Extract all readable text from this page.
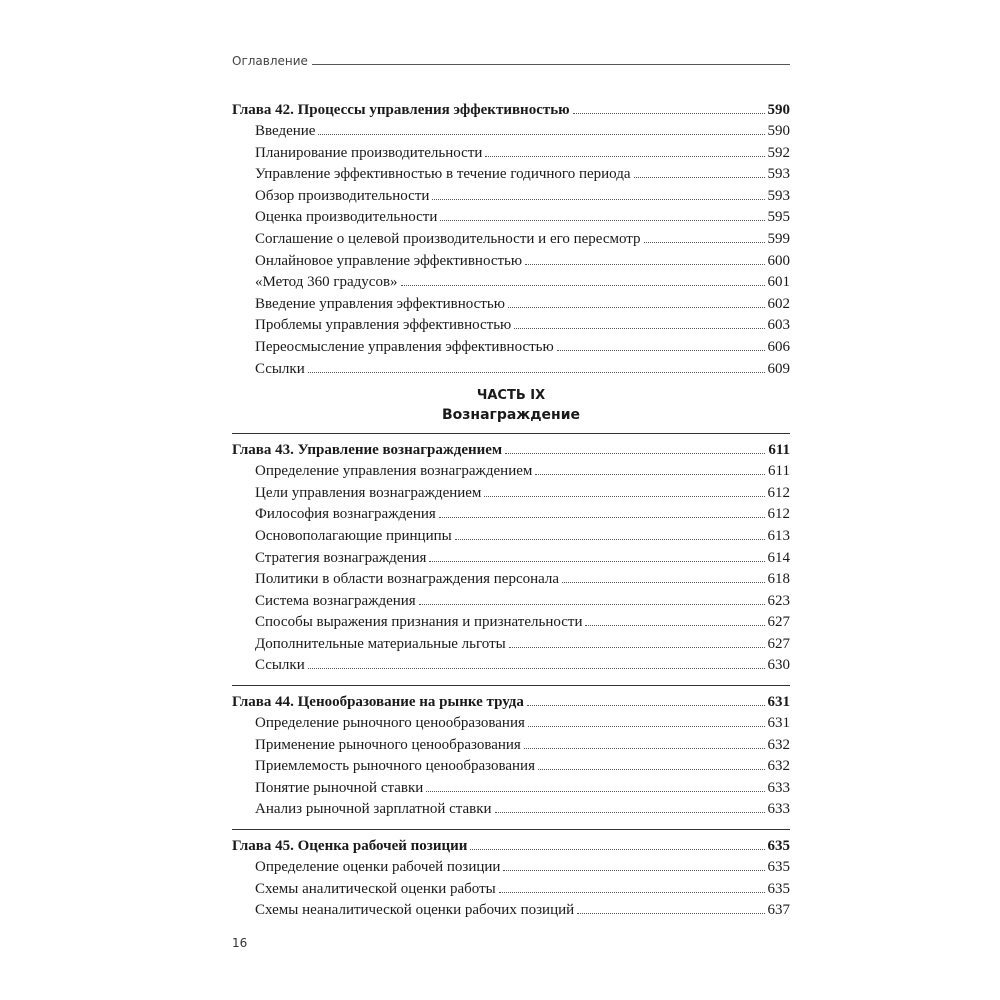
Оглавление
Глава 42. Процессы управления эффективностью	590
Введение	590
Планирование производительности	592
Управление эффективностью в течение годичного периода	593
Обзор производительности	593
Оценка производительности	595
Соглашение о целевой производительности и его пересмотр	599
Онлайновое управление эффективностью	600
«Метод 360 градусов»	601
Введение управления эффективностью	602
Проблемы управления эффективностью	603
Переосмысление управления эффективностью	606
Ссылки	609
ЧАСТЬ IX
Вознаграждение
Глава 43. Управление вознаграждением	611
Определение управления вознаграждением	611
Цели управления вознаграждением	612
Философия вознаграждения	612
Основополагающие принципы	613
Стратегия вознаграждения	614
Политики в области вознаграждения персонала	618
Система вознаграждения	623
Способы выражения признания и признательности	627
Дополнительные материальные льготы	627
Ссылки	630
Глава 44. Ценообразование на рынке труда	631
Определение рыночного ценообразования	631
Применение рыночного ценообразования	632
Приемлемость рыночного ценообразования	632
Понятие рыночной ставки	633
Анализ рыночной зарплатной ставки	633
Глава 45. Оценка рабочей позиции	635
Определение оценки рабочей позиции	635
Схемы аналитической оценки работы	635
Схемы неаналитической оценки рабочих позиций	637
16
